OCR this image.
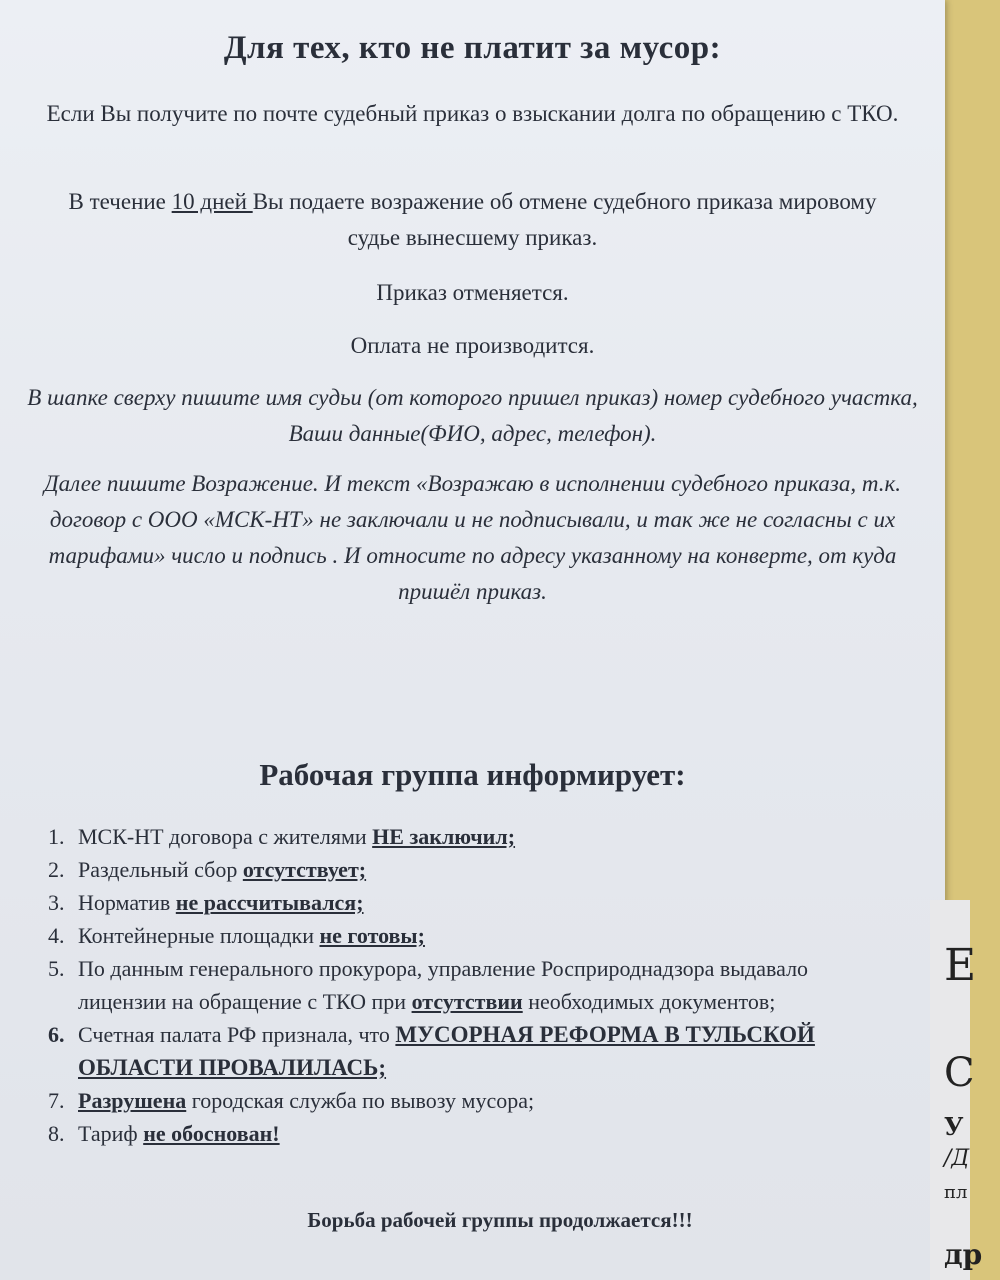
Е
С
У
/Д
пл
др
Для тех, кто не платит за мусор:

Если Вы получите по почте судебный приказ о взыскании долга по обращению с ТКО.

В течение 10 дней Вы подаете возражение об отмене судебного приказа мировому судье вынесшему приказ.

Приказ отменяется.

Оплата не производится.

В шапке сверху пишите имя судьи (от которого пришел приказ) номер судебного участка, Ваши данные(ФИО, адрес, телефон).

Далее пишите Возражение. И текст «Возражаю в исполнении судебного приказа, т.к. договор с ООО «МСК-НТ» не заключали и не подписывали, и так же не согласны с их тарифами» число и подпись . И относите по адресу указанному на конверте, от куда пришёл приказ.

Рабочая группа информирует:
1. МСК-НТ договора с жителями НЕ заключил;
2. Раздельный сбор отсутствует;
3. Норматив не рассчитывался;
4. Контейнерные площадки не готовы;
5. По данным генерального прокурора, управление Росприроднадзора выдавало лицензии на обращение с ТКО при отсутствии необходимых документов;
6. Счетная палата РФ признала, что МУСОРНАЯ РЕФОРМА В ТУЛЬСКОЙ ОБЛАСТИ ПРОВАЛИЛАСЬ;
7. Разрушена городская служба по вывозу мусора;
8. Тариф не обоснован!

Борьба рабочей группы продолжается!!!
